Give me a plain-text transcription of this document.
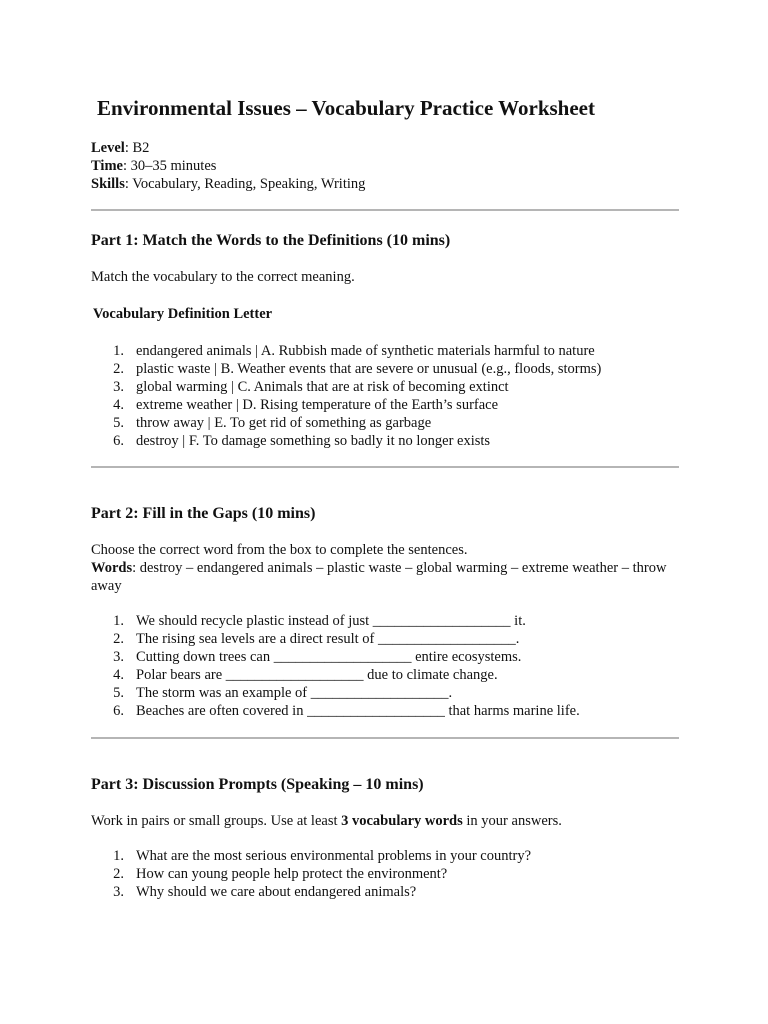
Environmental Issues – Vocabulary Practice Worksheet
Level: B2
Time: 30–35 minutes
Skills: Vocabulary, Reading, Speaking, Writing
Part 1: Match the Words to the Definitions (10 mins)

Match the vocabulary to the correct meaning.

Vocabulary Definition Letter
1. endangered animals | A. Rubbish made of synthetic materials harmful to nature
2. plastic waste | B. Weather events that are severe or unusual (e.g., floods, storms)
3. global warming | C. Animals that are at risk of becoming extinct
4. extreme weather | D. Rising temperature of the Earth’s surface
5. throw away | E. To get rid of something as garbage
6. destroy | F. To damage something so badly it no longer exists
Part 2: Fill in the Gaps (10 mins)

Choose the correct word from the box to complete the sentences.

Words: destroy – endangered animals – plastic waste – global warming – extreme weather – throw away

1. We should recycle plastic instead of just ___________________ it.
2. The rising sea levels are a direct result of ___________________.
3. Cutting down trees can ___________________ entire ecosystems.
4. Polar bears are ___________________ due to climate change.
5. The storm was an example of ___________________.
6. Beaches are often covered in ___________________ that harms marine life.
Part 3: Discussion Prompts (Speaking – 10 mins)

Work in pairs or small groups. Use at least 3 vocabulary words in your answers.

1. What are the most serious environmental problems in your country?
2. How can young people help protect the environment?
3. Why should we care about endangered animals?
